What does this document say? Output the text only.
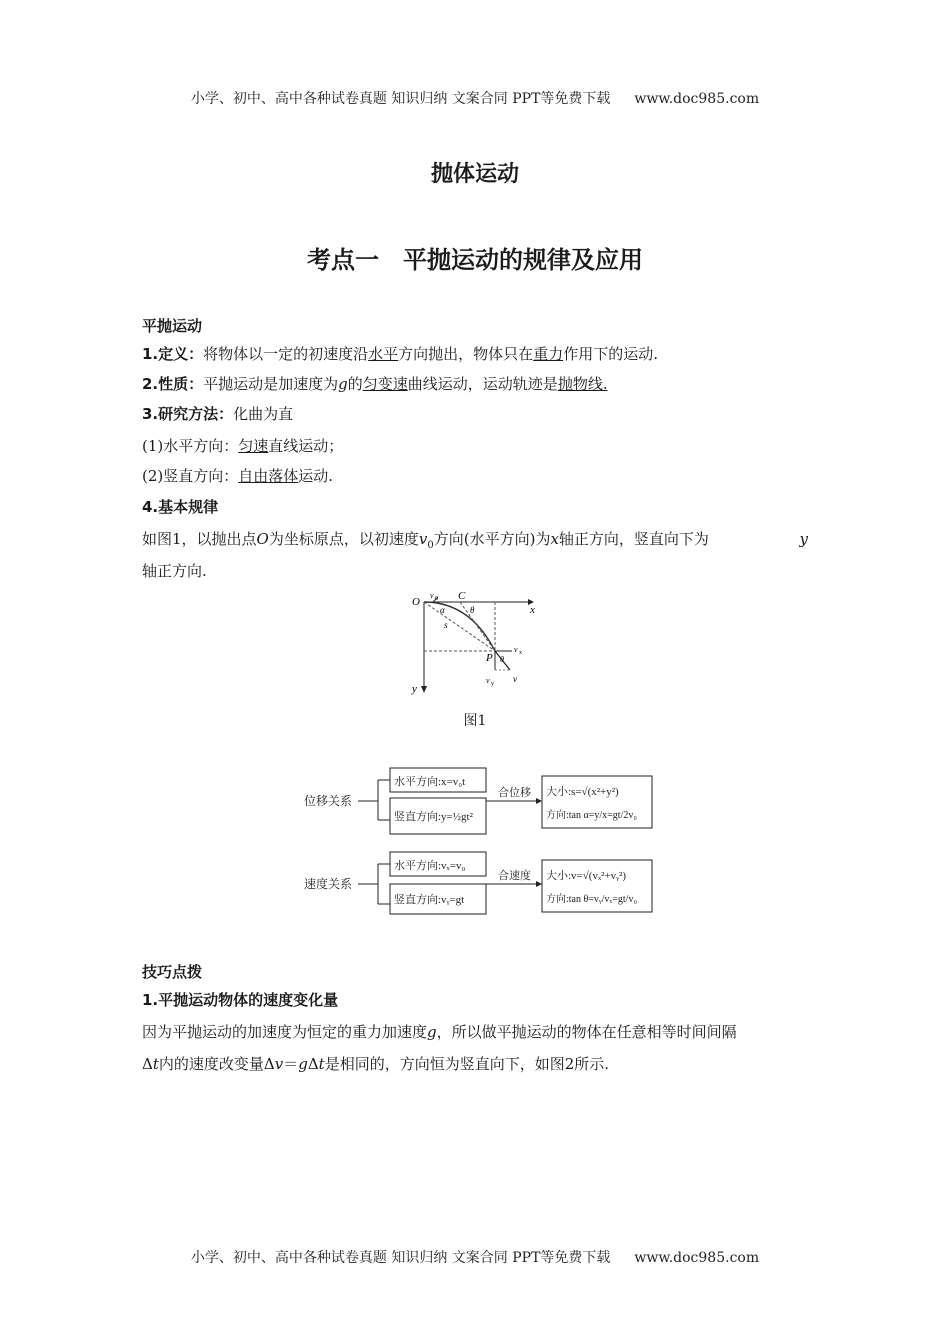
小学、初中、高中各种试卷真题 知识归纳 文案合同 PPT等免费下载 www.doc985.com
抛体运动
考点一　平抛运动的规律及应用
平抛运动
1.定义：将物体以一定的初速度沿水平方向抛出，物体只在重力作用下的运动.
2.性质：平抛运动是加速度为g的匀变速曲线运动，运动轨迹是抛物线.
3.研究方法：化曲为直
(1)水平方向：匀速直线运动；
(2)竖直方向：自由落体运动.
4.基本规律
如图1，以抛出点O为坐标原点，以初速度$v_0$方向(水平方向)为x轴正方向，竖直向下为	y
轴正方向.
O
v 0 C
x
α	θ
s
P
v x
θ
v y v
y
图1
位移关系
水平方向:x=v₀t
竖直方向:y=½gt²
合位移 大小:s=√(x²+y²)
方向:tan α=y/x=gt/2v₀
速度关系
水平方向:vₓ=v₀
竖直方向:vᵧ=gt
合速度 大小:v=√(vₓ²+vᵧ²)
方向:tan θ=vᵧ/vₓ=gt/v₀
技巧点拨
1.平抛运动物体的速度变化量
因为平抛运动的加速度为恒定的重力加速度g，所以做平抛运动的物体在任意相等时间间隔
Δt内的速度改变量Δv＝gΔt是相同的，方向恒为竖直向下，如图2所示.
小学、初中、高中各种试卷真题 知识归纳 文案合同 PPT等免费下载 www.doc985.com
